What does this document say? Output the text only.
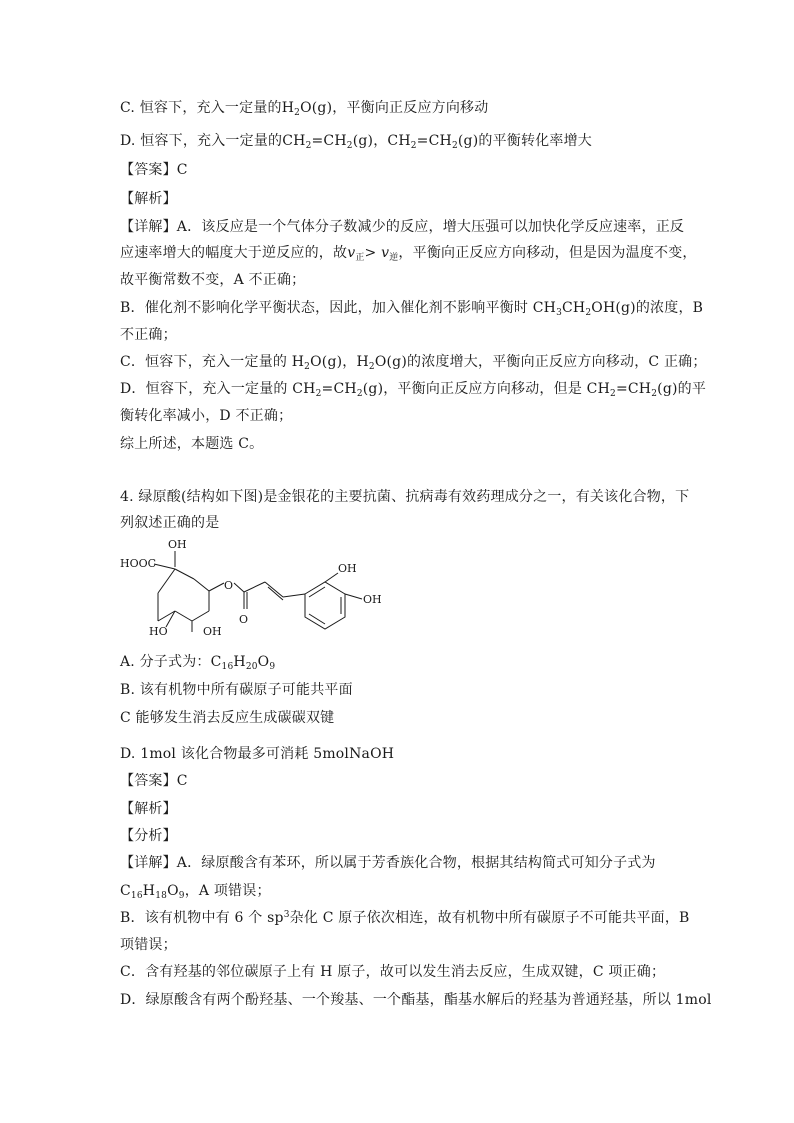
C. 恒容下，充入一定量的$H_2O(g)$，平衡向正反应方向移动
D. 恒容下，充入一定量的$CH_2=CH_2(g)$，$CH_2=CH_2(g)$的平衡转化率增大
【答案】C
【解析】
【详解】A．该反应是一个气体分子数减少的反应，增大压强可以加快化学反应速率，正反
应速率增大的幅度大于逆反应的，故$v_正> v_逆$，平衡向正反应方向移动，但是因为温度不变，
故平衡常数不变，A 不正确；
B．催化剂不影响化学平衡状态，因此，加入催化剂不影响平衡时 $CH_3CH_2OH(g)$的浓度，B
不正确；
C．恒容下，充入一定量的 $H_2O(g)$，$H_2O(g)$的浓度增大，平衡向正反应方向移动，C 正确；
D．恒容下，充入一定量的 $CH_2=CH_2(g)$，平衡向正反应方向移动，但是 $CH_2=CH_2(g)$的平
衡转化率减小，D 不正确；
综上所述，本题选 C。
4. 绿原酸(结构如下图)是金银花的主要抗菌、抗病毒有效药理成分之一，有关该化合物，下
列叙述正确的是
OH
HOOC
O
O
HO	OH
OH
OH
A. 分子式为：$C_{16}H_{20}O_9$
B. 该有机物中所有碳原子可能共平面
C 能够发生消去反应生成碳碳双键
D. 1mol 该化合物最多可消耗 5molNaOH
【答案】C
【解析】
【分析】
【详解】A．绿原酸含有苯环，所以属于芳香族化合物，根据其结构简式可知分子式为
$C_{16}H_{18}O_9$，A 项错误；
B．该有机物中有 6 个 $sp^3$杂化 C 原子依次相连，故有机物中所有碳原子不可能共平面，B
项错误；
C．含有羟基的邻位碳原子上有 H 原子，故可以发生消去反应，生成双键，C 项正确；
D．绿原酸含有两个酚羟基、一个羧基、一个酯基，酯基水解后的羟基为普通羟基，所以 1mol
